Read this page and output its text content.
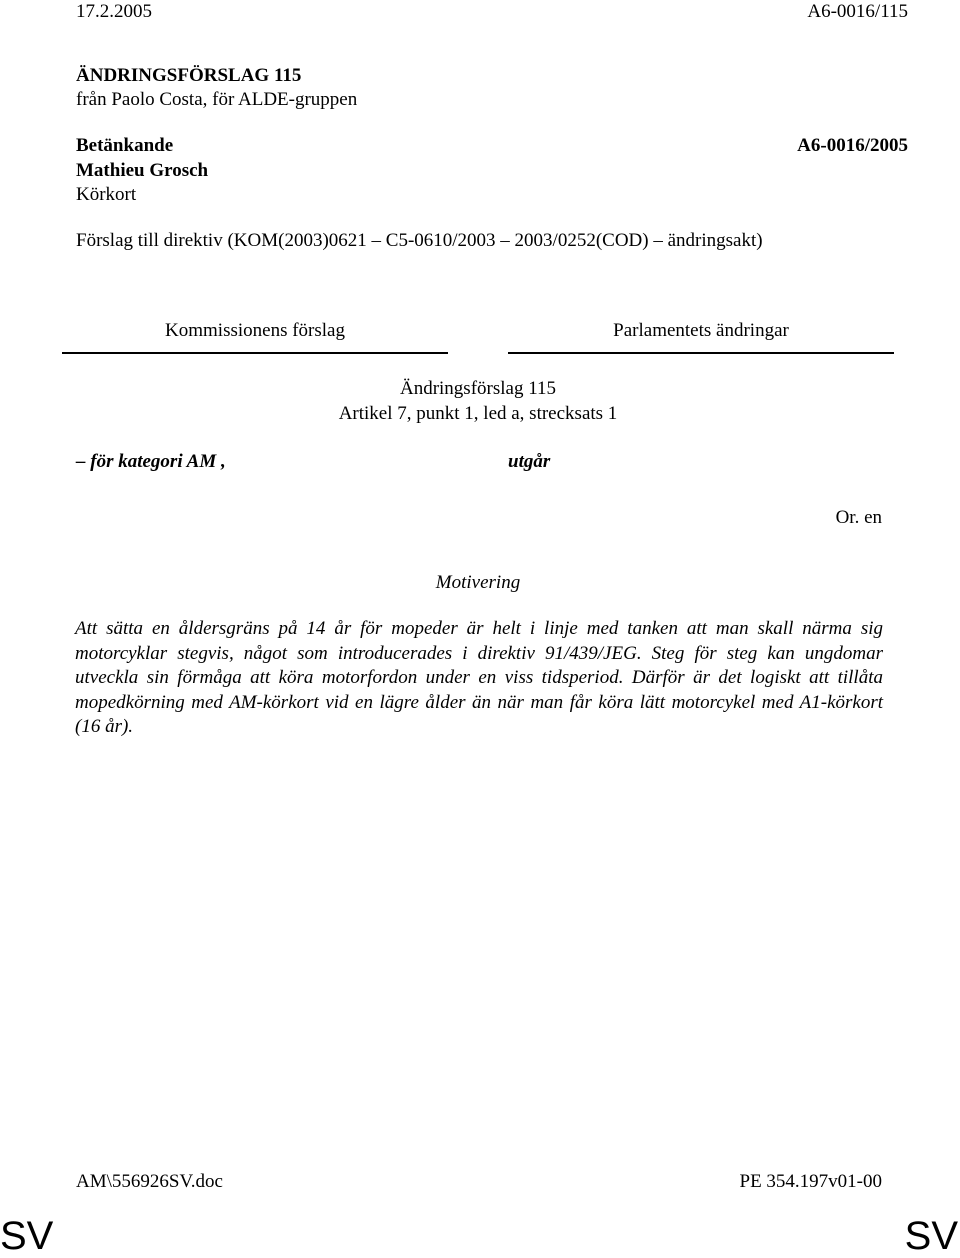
17.2.2005	A6-0016/115
ÄNDRINGSFÖRSLAG 115
från Paolo Costa, för ALDE-gruppen
Betänkande	A6-0016/2005
Mathieu Grosch
Körkort
Förslag till direktiv (KOM(2003)0621 – C5-0610/2003 – 2003/0252(COD) – ändringsakt)
Kommissionens förslag	Parlamentets ändringar
Ändringsförslag 115
Artikel 7, punkt 1, led a, strecksats 1
– för kategori AM ,	utgår
Or. en
Motivering
Att sätta en åldersgräns på 14 år för mopeder är helt i linje med tanken att man skall närma sig motorcyklar stegvis, något som introducerades i direktiv 91/439/JEG. Steg för steg kan ungdomar utveckla sin förmåga att köra motorfordon under en viss tidsperiod. Därför är det logiskt att tillåta mopedkörning med AM-körkort vid en lägre ålder än när man får köra lätt motorcykel med A1-körkort (16 år).
AM\556926SV.doc	PE 354.197v01-00
SV	SV
